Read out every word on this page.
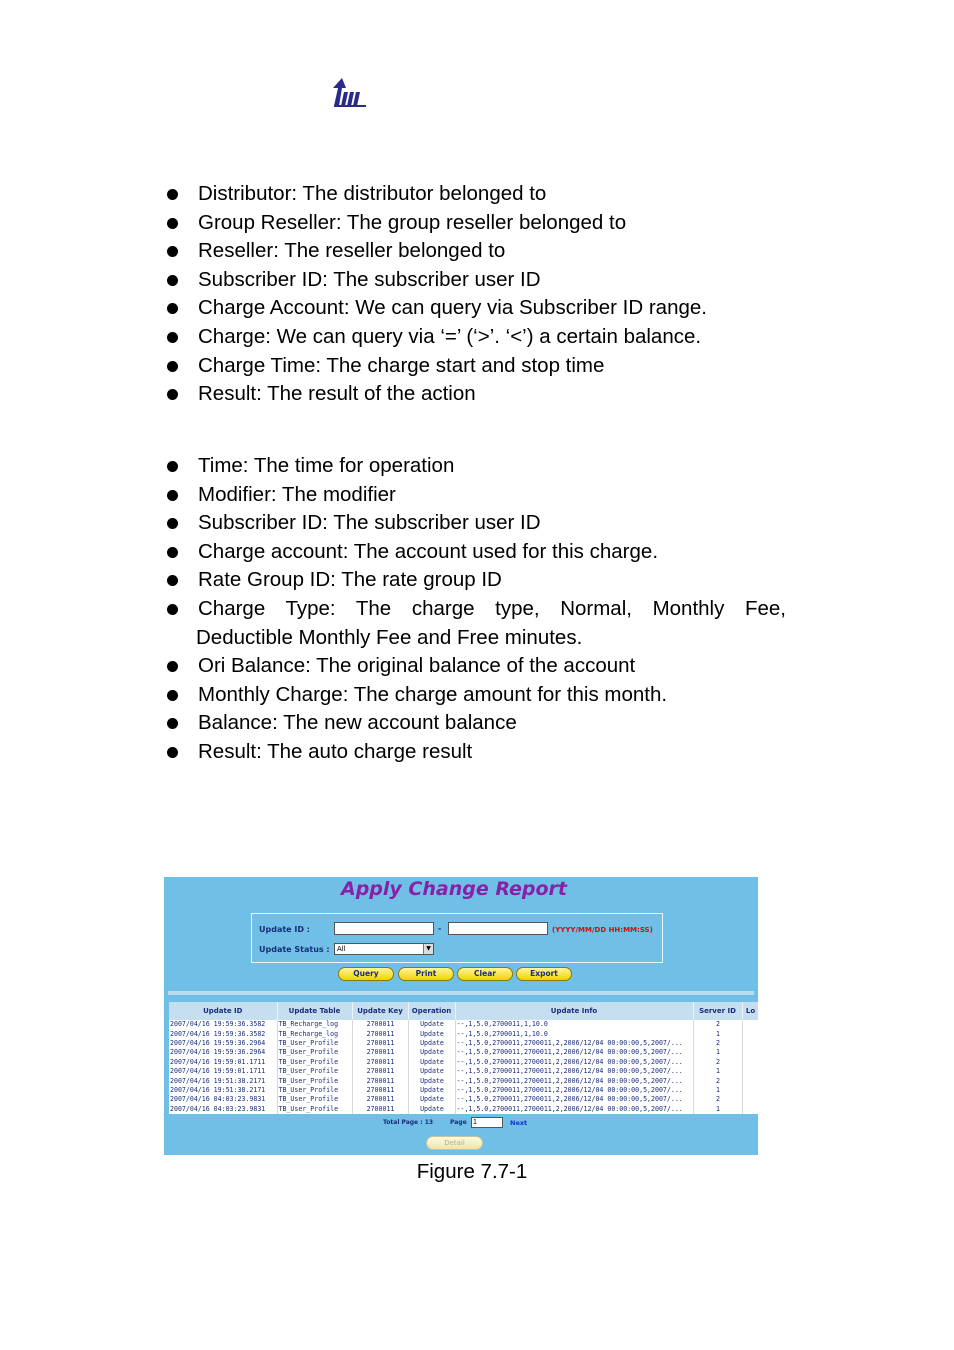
Distributor: The distributor belonged to
Group Reseller: The group reseller belonged to
Reseller: The reseller belonged to
Subscriber ID: The subscriber user ID
Charge Account: We can query via Subscriber ID range.
Charge: We can query via ‘=’ (‘>’. ‘<’) a certain balance.
Charge Time: The charge start and stop time
Result: The result of the action
Time: The time for operation
Modifier: The modifier
Subscriber ID: The subscriber user ID
Charge account: The account used for this charge.
Rate Group ID: The rate group ID
Charge Type: The charge type, Normal, Monthly Fee,
Deductible Monthly Fee and Free minutes.
Ori Balance: The original balance of the account
Monthly Charge: The charge amount for this month.
Balance: The new account balance
Result: The auto charge result
Apply Change Report
Update ID :	-	(YYYY/MM/DD HH:MM:SS)
Update Status :	All	▼
Query	Print	Clear	Export
Update ID	Update Table	Update Key	Operation	Update Info	Server ID	Lo
2007/04/16 19:59:36.3582	TB_Recharge_log	2700011	Update	--,1,5.0,2700011,1,10.0	2	
2007/04/16 19:59:36.3582	TB_Recharge_log	2700011	Update	--,1,5.0,2700011,1,10.0	1	
2007/04/16 19:59:36.2964	TB_User_Profile	2700011	Update	--,1,5.0,2700011,2700011,2,2006/12/04 00:00:00,5,2007/...	2	
2007/04/16 19:59:36.2964	TB_User_Profile	2700011	Update	--,1,5.0,2700011,2700011,2,2006/12/04 00:00:00,5,2007/...	1	
2007/04/16 19:59:01.1711	TB_User_Profile	2700011	Update	--,1,5.0,2700011,2700011,2,2006/12/04 00:00:00,5,2007/...	2	
2007/04/16 19:59:01.1711	TB_User_Profile	2700011	Update	--,1,5.0,2700011,2700011,2,2006/12/04 00:00:00,5,2007/...	1	
2007/04/16 19:51:38.2171	TB_User_Profile	2700011	Update	--,1,5.0,2700011,2700011,2,2006/12/04 00:00:00,5,2007/...	2	
2007/04/16 19:51:38.2171	TB_User_Profile	2700011	Update	--,1,5.0,2700011,2700011,2,2006/12/04 00:00:00,5,2007/...	1	
2007/04/16 04:03:23.9831	TB_User_Profile	2700011	Update	--,1,5.0,2700011,2700011,2,2006/12/04 00:00:00,5,2007/...	2	
2007/04/16 04:03:23.9831	TB_User_Profile	2700011	Update	--,1,5.0,2700011,2700011,2,2006/12/04 00:00:00,5,2007/...	1	
Total Page : 13	Page 1	Next
Detail
Figure 7.7-1
